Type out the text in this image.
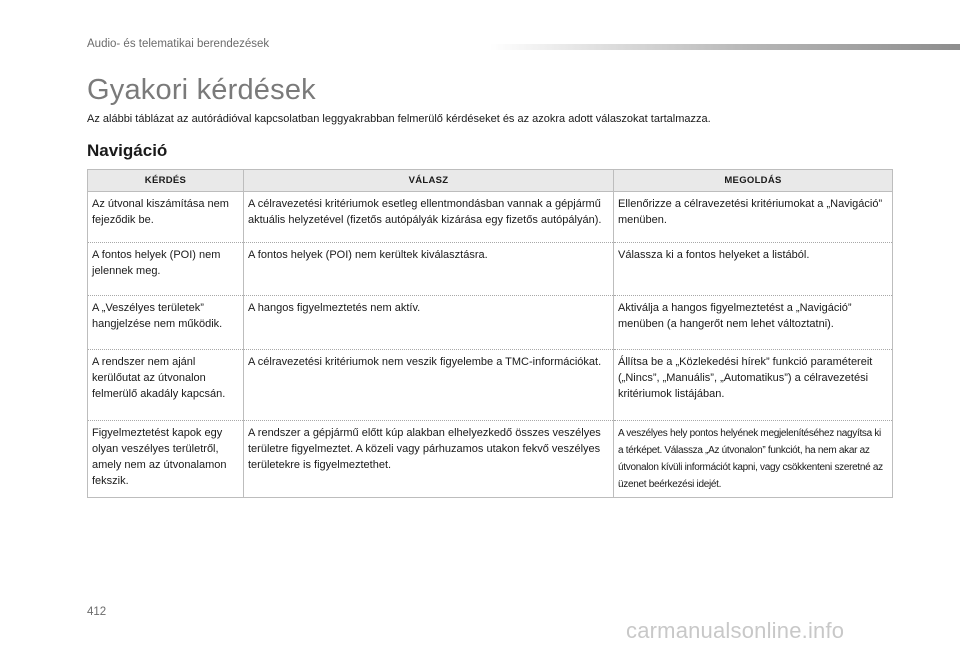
Audio- és telematikai berendezések
Gyakori kérdések

Az alábbi táblázat az autórádióval kapcsolatban leggyakrabban felmerülő kérdéseket és az azokra adott válaszokat tartalmazza.

Navigáció
KÉRDÉS	VÁLASZ	MEGOLDÁS
Az útvonal kiszámítása nem fejeződik be.	A célravezetési kritériumok esetleg ellentmondásban vannak a gépjármű aktuális helyzetével (fizetős autópályák kizárása egy fizetős autópályán).	Ellenőrizze a célravezetési kritériumokat a „Navigáció” menüben.
A fontos helyek (POI) nem jelennek meg.	A fontos helyek (POI) nem kerültek kiválasztásra.	Válassza ki a fontos helyeket a listából.
A „Veszélyes területek” hangjelzése nem működik.	A hangos figyelmeztetés nem aktív.	Aktiválja a hangos figyelmeztetést a „Navigáció” menüben (a hangerőt nem lehet változtatni).
A rendszer nem ajánl kerülőutat az útvonalon felmerülő akadály kapcsán.	A célravezetési kritériumok nem veszik figyelembe a TMC-információkat.	Állítsa be a „Közlekedési hírek” funkció paramétereit („Nincs”, „Manuális”, „Automatikus”) a célravezetési kritériumok listájában.
Figyelmeztetést kapok egy olyan veszélyes területről, amely nem az útvonalamon fekszik.	A rendszer a gépjármű előtt kúp alakban elhelyezkedő összes veszélyes területre figyelmeztet. A közeli vagy párhuzamos utakon fekvő veszélyes területekre is figyelmeztethet.	A veszélyes hely pontos helyének megjelenítéséhez nagyítsa ki a térképet. Válassza „Az útvonalon” funkciót, ha nem akar az útvonalon kívüli információt kapni, vagy csökkenteni szeretné az üzenet beérkezési idejét.
412
carmanualsonline.info
